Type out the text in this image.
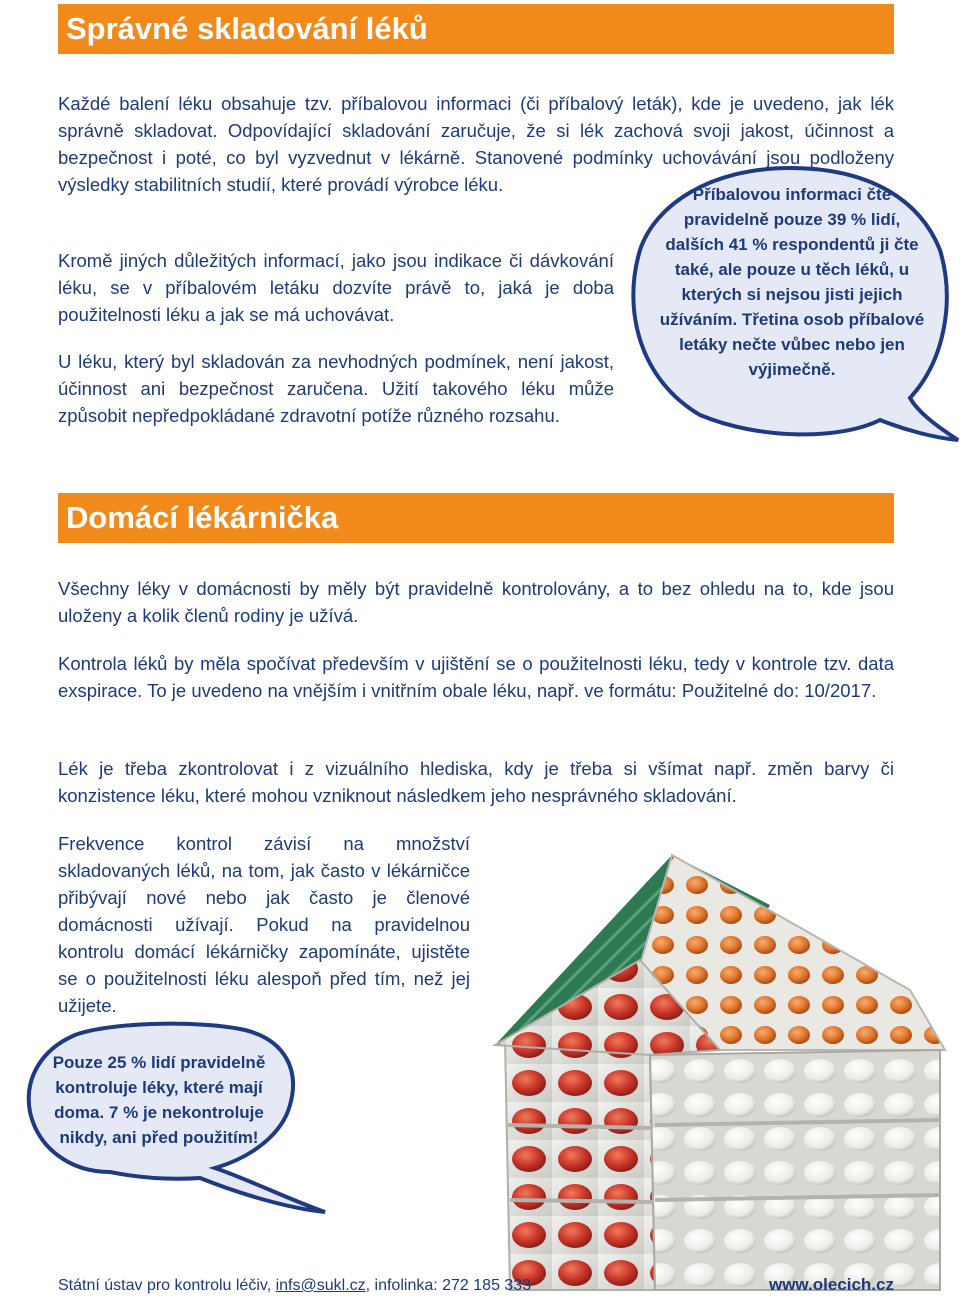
Správné skladování léků

Každé balení léku obsahuje tzv. příbalovou informaci (či příbalový leták), kde je uvedeno, jak lék správně skladovat. Odpovídající skladování zaručuje, že si lék zachová svoji jakost, účinnost a bezpečnost i poté, co byl vyzvednut v lékárně. Stanovené podmínky uchovávání jsou podloženy výsledky stabilitních studií, které provádí výrobce léku.

Kromě jiných důležitých informací, jako jsou indikace či dávkování léku, se v příbalovém letáku dozvíte právě to, jaká je doba použitelnosti léku a jak se má uchovávat.

U léku, který byl skladován za nevhodných podmínek, není jakost, účinnost ani bezpečnost zaručena. Užití takového léku může způsobit nepředpokládané zdravotní potíže různého rozsahu.

Příbalovou informaci čte pravidelně pouze 39 % lidí, dalších 41 % respondentů ji čte také, ale pouze u těch léků, u kterých si nejsou jisti jejich užíváním. Třetina osob příbalové letáky nečte vůbec nebo jen výjimečně.

Domácí lékárnička

Všechny léky v domácnosti by měly být pravidelně kontrolovány, a to bez ohledu na to, kde jsou uloženy a kolik členů rodiny je užívá.

Kontrola léků by měla spočívat především v ujištění se o použitelnosti léku, tedy v kontrole tzv. data exspirace. To je uvedeno na vnějším i vnitřním obale léku, např. ve formátu: Použitelné do: 10/2017.

Lék je třeba zkontrolovat i z vizuálního hlediska, kdy je třeba si všímat např. změn barvy či konzistence léku, které mohou vzniknout následkem jeho nesprávného skladování.

Frekvence kontrol závisí na množství skladovaných léků, na tom, jak často v lékárničce přibývají nové nebo jak často je členové domácnosti užívají. Pokud na pravidelnou kontrolu domácí lékárničky zapomínáte, ujistěte se o použitelnosti léku alespoň před tím, než jej užijete.

Pouze 25 % lidí pravidelně kontroluje léky, které mají doma. 7 % je nekontroluje nikdy, ani před použitím!

Státní ústav pro kontrolu léčiv, infs@sukl.cz, infolinka: 272 185 333	www.olecich.cz
